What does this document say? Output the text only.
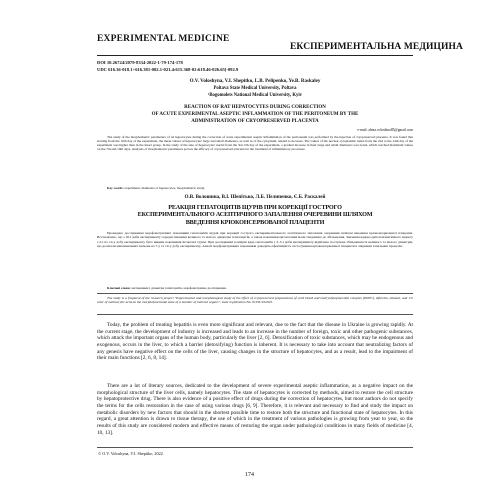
EXPERIMENTAL MEDICINE
ЕКСПЕРИМЕНТАЛЬНА МЕДИЦИНА
DOI 10.26724/2079-8334-2022-1-79-174-178
UDC 616.36-018.1+616.381-002.1-021.4:615.368-02:618.46-026.65]-092.9
O.V. Voloshyna, V.I. Shepitko, L.B. Pelipenko, Ye.B. Raskaley
Poltava State Medical University, Poltava
¹Bogomolets National Medical University, Kyiv
REACTION OF RAT HEPATOCYTES DURING CORRECTION
OF ACUTE EXPERIMENTAL ASEPTIC INFLAMMATION OF THE PERITONEUM BY THE
ADMINISTRATION OF CRYOPRESERVED PLACENTA
e-mail: alena.voloshina85@gmail.com
The study of the morphometric parameters of rat hepatocytes during the correction of acute experimental aseptic inflammation of the peritoneum was performed by the injection of cryopreserved placenta. It was found that starting from the 10th day of the experiment, the mean values of hepatocytes' large and small diameters, as well as of the cytoplasm, tended to increase. The values of the nuclear-cytoplasmic index from the 2nd to the 14th day of the experiment was higher than in the intact group. In the study of the size of hepatocytes' nuclei from the 3rd–5th day of the experiment, a gradual increase in their large and small diameters was noted, which reached maximum values on the 7th and 10th days. Analysis of morphometric parameters proves the efficacy of cryopreserved placenta in the treatment of inflammatory processes.
Key words: experiment, diameters of hepatocytes, morphometric study.
О.В. Волошина, В.І. Шепітько, Л.Б. Пелипенко, Є.Б. Раскалей
РЕАКЦІЯ ГЕПАТОЦИТІВ ЩУРІВ ПРИ КОРЕКЦІЇ ГОСТРОГО
ЕКСПЕРИМЕНТАЛЬНОГО АСЕПТИЧНОГО ЗАПАЛЕННЯ ОЧЕРЕВИНИ ШЛЯХОМ
ВВЕДЕННЯ КРІОКОНСЕРВОВАНОЇ ПЛАЦЕНТИ
Проведено дослідження морфометричних показників гепатоцитів щурів при корекції гострого експериментального асептичного запалення очеревини шляхом введення кріоконсервованої плаценти. Встановлено, що з 10-ї доби експерименту середні значення великого та малого діаметрів гепатоцитів, а також показники цитоплазми мали тенденцію до збільшення. Значення ядерно-цитоплазматичного індексу з 2-ї по 14-у добу експерименту було вищим показників інтактної групи. При дослідженні розмірів ядер гепатоцитів з 3–5-ї доби експерименту відмічено поступове збільшення їх великого та малого діаметрів, що досягали максимальних значень на 7-у та 10-у добу експерименту. Аналіз морфометричних показників доводить ефективність застосування кріоконсервованої плаценти в лікуванні запальних процесів.
Ключові слова: експеримент, діаметри гепатоцитів, морфометричне дослідження.
The study is a fragment of the research project "Experimental and morphological study of the effect of cryopreserved preparations of cord blood and embryofetoplacental complex (EPPC), diferelin, ethanol, and 1% ester of methacrylic acid on the morphofunctional state of a number of internal organs", state registration No. 0119U102925.
Today, the problem of treating hepatitis is even more significant and relevant, due to the fact that the disease in Ukraine is growing rapidly. At the current stage, the development of industry is increased and leads to an increase in the number of foreign, toxic and other pathogenic substances, which attack the important organs of the human body, particularly the liver [2, 6]. Detoxification of toxic substances, which may be endogenous and exogenous, occurs in the liver, to which a barrier (detoxifying) function is inherent. It is necessary to take into account that neutralizing factors of any genesis have negative effect on the cells of the liver, causing changes in the structure of hepatocytes, and as a result, lead to the impairment of their main functions [2, 6, 8, 14].
There are a lot of literary sources, dedicated to the development of severe experimental aseptic inflammation, as a negative impact on the morphological structure of the liver cells, namely hepatocytes. The state of hepatocytes is corrected by methods, aimed to restore the cell structure by hepatoprotective drug. There is also evidence of a positive effect of drugs during the correction of hepatocytes, but most authors do not specify the terms for the cells restoration in the case of using various drugs [6, 9]. Therefore, it is relevant and necessary to find and study the impact on metabolic disorders by new factors that should in the shortest possible time to restore both the structure and functional state of hepatocytes. In this regard, a great attention is drawn to tissue therapy, the use of which in the treatment of various pathologies is growing from year to year, so the results of this study are considered modern and effective means of restoring the organ under pathological conditions in many fields of medicine [4, 10, 13].
© O.V. Voloshyna, V.I. Shepitko, 2022
174
